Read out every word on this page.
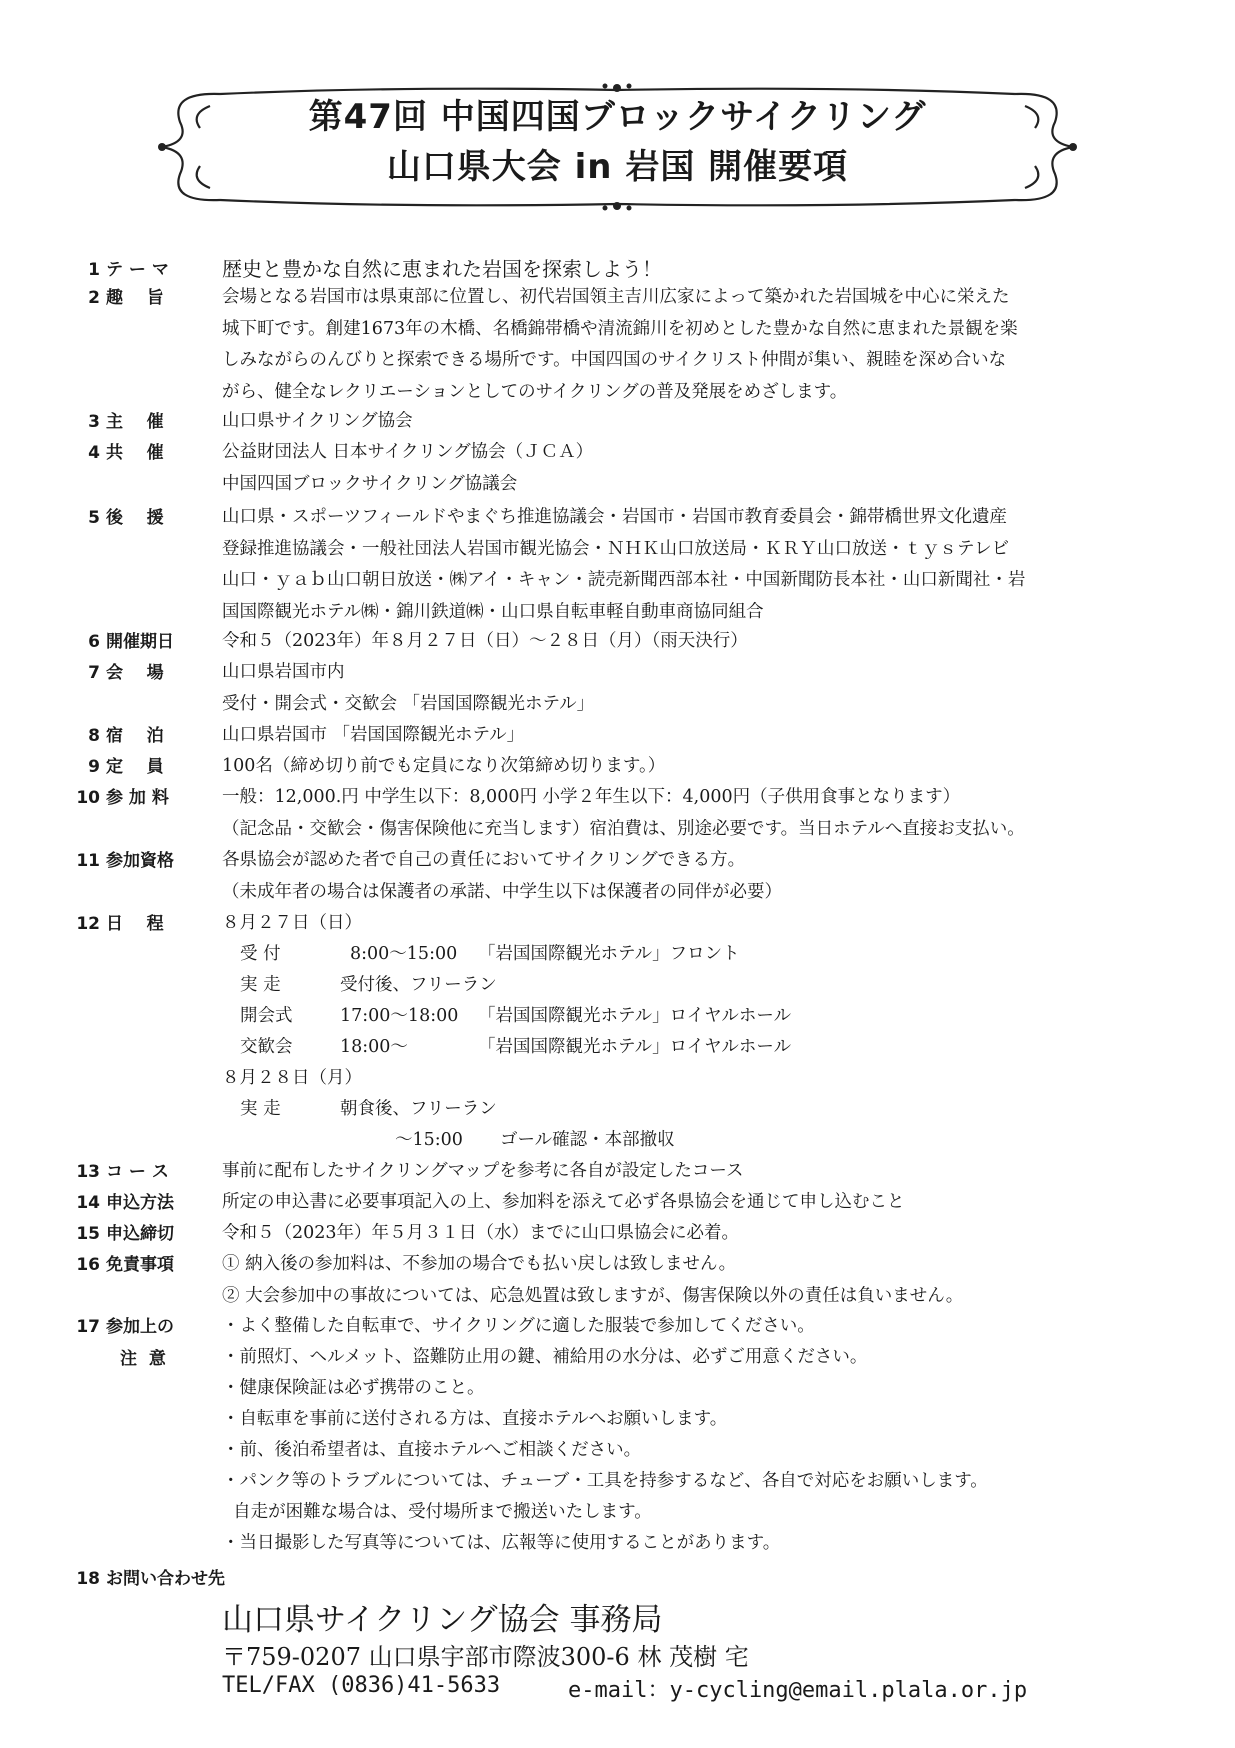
第47回 中国四国ブロックサイクリング
山口県大会 in 岩国 開催要項
1 テ ー マ	歴史と豊かな自然に恵まれた岩国を探索しよう！
2 趣    旨	会場となる岩国市は県東部に位置し、初代岩国領主吉川広家によって築かれた岩国城を中心に栄えた
城下町です。創建1673年の木橋、名橋錦帯橋や清流錦川を初めとした豊かな自然に恵まれた景観を楽
しみながらのんびりと探索できる場所です。中国四国のサイクリスト仲間が集い、親睦を深め合いな
がら、健全なレクリエーションとしてのサイクリングの普及発展をめざします。
3 主    催	山口県サイクリング協会
4 共    催	公益財団法人 日本サイクリング協会（ＪＣＡ）
中国四国ブロックサイクリング協議会
5 後    援	山口県・スポーツフィールドやまぐち推進協議会・岩国市・岩国市教育委員会・錦帯橋世界文化遺産
登録推進協議会・一般社団法人岩国市観光協会・ＮＨＫ山口放送局・ＫＲＹ山口放送・ｔｙｓテレビ
山口・ｙａｂ山口朝日放送・㈱アイ・キャン・読売新聞西部本社・中国新聞防長本社・山口新聞社・岩
国国際観光ホテル㈱・錦川鉄道㈱・山口県自転車軽自動車商協同組合
6 開催期日	令和５（2023年）年８月２７日（日）～２８日（月）（雨天決行）
7 会    場	山口県岩国市内
受付・開会式・交歓会 「岩国国際観光ホテル」
8 宿    泊	山口県岩国市 「岩国国際観光ホテル」
9 定    員	100名（締め切り前でも定員になり次第締め切ります。）
10 参 加 料	一般：12,000.円 中学生以下：8,000円 小学２年生以下：4,000円（子供用食事となります）
（記念品・交歓会・傷害保険他に充当します）宿泊費は、別途必要です。当日ホテルへ直接お支払い。
11 参加資格	各県協会が認めた者で自己の責任においてサイクリングできる方。
（未成年者の場合は保護者の承諾、中学生以下は保護者の同伴が必要）
12 日    程	８月２７日（日）
受 付	8:00～15:00 「岩国国際観光ホテル」フロント
実 走	受付後、フリーラン
開会式	17:00～18:00 「岩国国際観光ホテル」ロイヤルホール
交歓会	18:00～	「岩国国際観光ホテル」ロイヤルホール
８月２８日（月）
実 走	朝食後、フリーラン
～15:00 ゴール確認・本部撤収
13 コ ー ス	事前に配布したサイクリングマップを参考に各自が設定したコース
14 申込方法	所定の申込書に必要事項記入の上、参加料を添えて必ず各県協会を通じて申し込むこと
15 申込締切	令和５（2023年）年５月３１日（水）までに山口県協会に必着。
16 免責事項	① 納入後の参加料は、不参加の場合でも払い戻しは致しません。
② 大会参加中の事故については、応急処置は致しますが、傷害保険以外の責任は負いません。
17 参加上の
注  意
・よく整備した自転車で、サイクリングに適した服装で参加してください。
・前照灯、ヘルメット、盗難防止用の鍵、補給用の水分は、必ずご用意ください。
・健康保険証は必ず携帯のこと。
・自転車を事前に送付される方は、直接ホテルへお願いします。
・前、後泊希望者は、直接ホテルへご相談ください。
・パンク等のトラブルについては、チューブ・工具を持参するなど、各自で対応をお願いします。
自走が困難な場合は、受付場所まで搬送いたします。
・当日撮影した写真等については、広報等に使用することがあります。
18 お問い合わせ先
山口県サイクリング協会 事務局
〒759-0207 山口県宇部市際波300-6 林 茂樹 宅
TEL/FAX (0836)41-5633	e-mail：y-cycling@email.plala.or.jp
